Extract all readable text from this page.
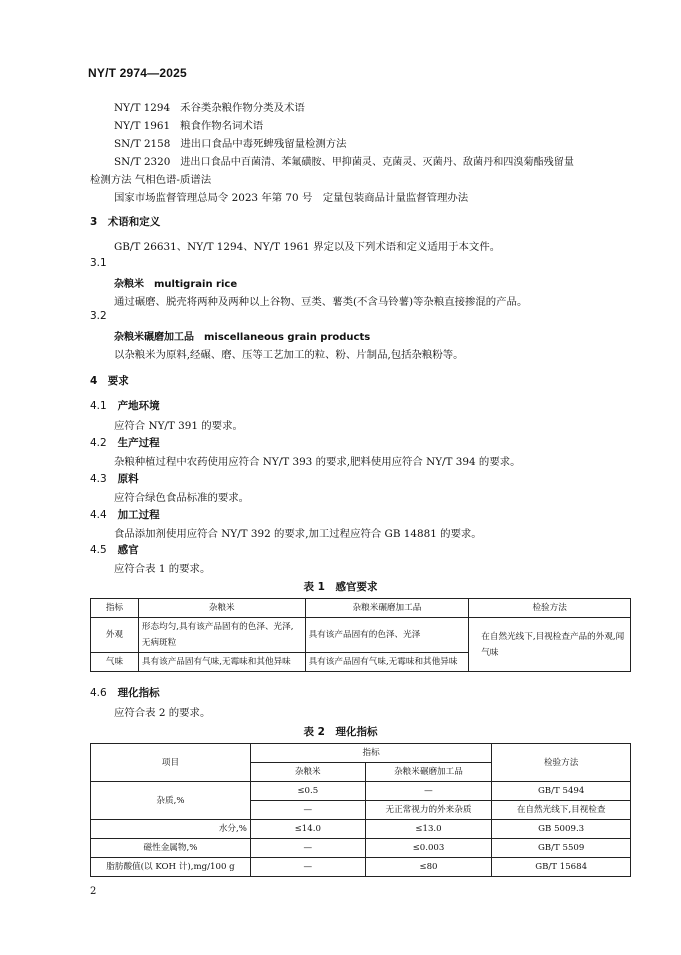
NY/T 2974—2025
NY/T 1294 禾谷类杂粮作物分类及术语
NY/T 1961 粮食作物名词术语
SN/T 2158 进出口食品中毒死蜱残留量检测方法
SN/T 2320 进出口食品中百菌清、苯氟磺胺、甲抑菌灵、克菌灵、灭菌丹、敌菌丹和四溴菊酯残留量
检测方法 气相色谱-质谱法
国家市场监督管理总局令 2023 年第 70 号　定量包装商品计量监督管理办法
3　术语和定义
GB/T 26631、NY/T 1294、NY/T 1961 界定以及下列术语和定义适用于本文件。
3.1
杂粮米　multigrain rice
通过碾磨、脱壳将两种及两种以上谷物、豆类、薯类(不含马铃薯)等杂粮直接掺混的产品。
3.2
杂粮米碾磨加工品　miscellaneous grain products
以杂粮米为原料,经碾、磨、压等工艺加工的粒、粉、片制品,包括杂粮粉等。
4　要求
4.1 产地环境
应符合 NY/T 391 的要求。
4.2 生产过程
杂粮种植过程中农药使用应符合 NY/T 393 的要求,肥料使用应符合 NY/T 394 的要求。
4.3 原料
应符合绿色食品标准的要求。
4.4 加工过程
食品添加剂使用应符合 NY/T 392 的要求,加工过程应符合 GB 14881 的要求。
4.5 感官
应符合表 1 的要求。
表 1　感官要求
指标	杂粮米	杂粮米碾磨加工品	检验方法
外观	形态均匀,具有该产品固有的色泽、光泽,无病斑粒	具有该产品固有的色泽、光泽	在自然光线下,目视检查产品的外观,闻气味
气味	具有该产品固有气味,无霉味和其他异味	具有该产品固有气味,无霉味和其他异味	
4.6 理化指标
应符合表 2 的要求。
表 2　理化指标
项目	指标		检验方法
	杂粮米	杂粮米碾磨加工品	
杂质,%	≤0.5	—	GB/T 5494
	—	无正常视力的外来杂质	在自然光线下,目视检查
水分,%	≤14.0	≤13.0	GB 5009.3
磁性金属物,%	—	≤0.003	GB/T 5509
脂肪酸值(以 KOH 计),mg/100 g	—	≤80	GB/T 15684
2
